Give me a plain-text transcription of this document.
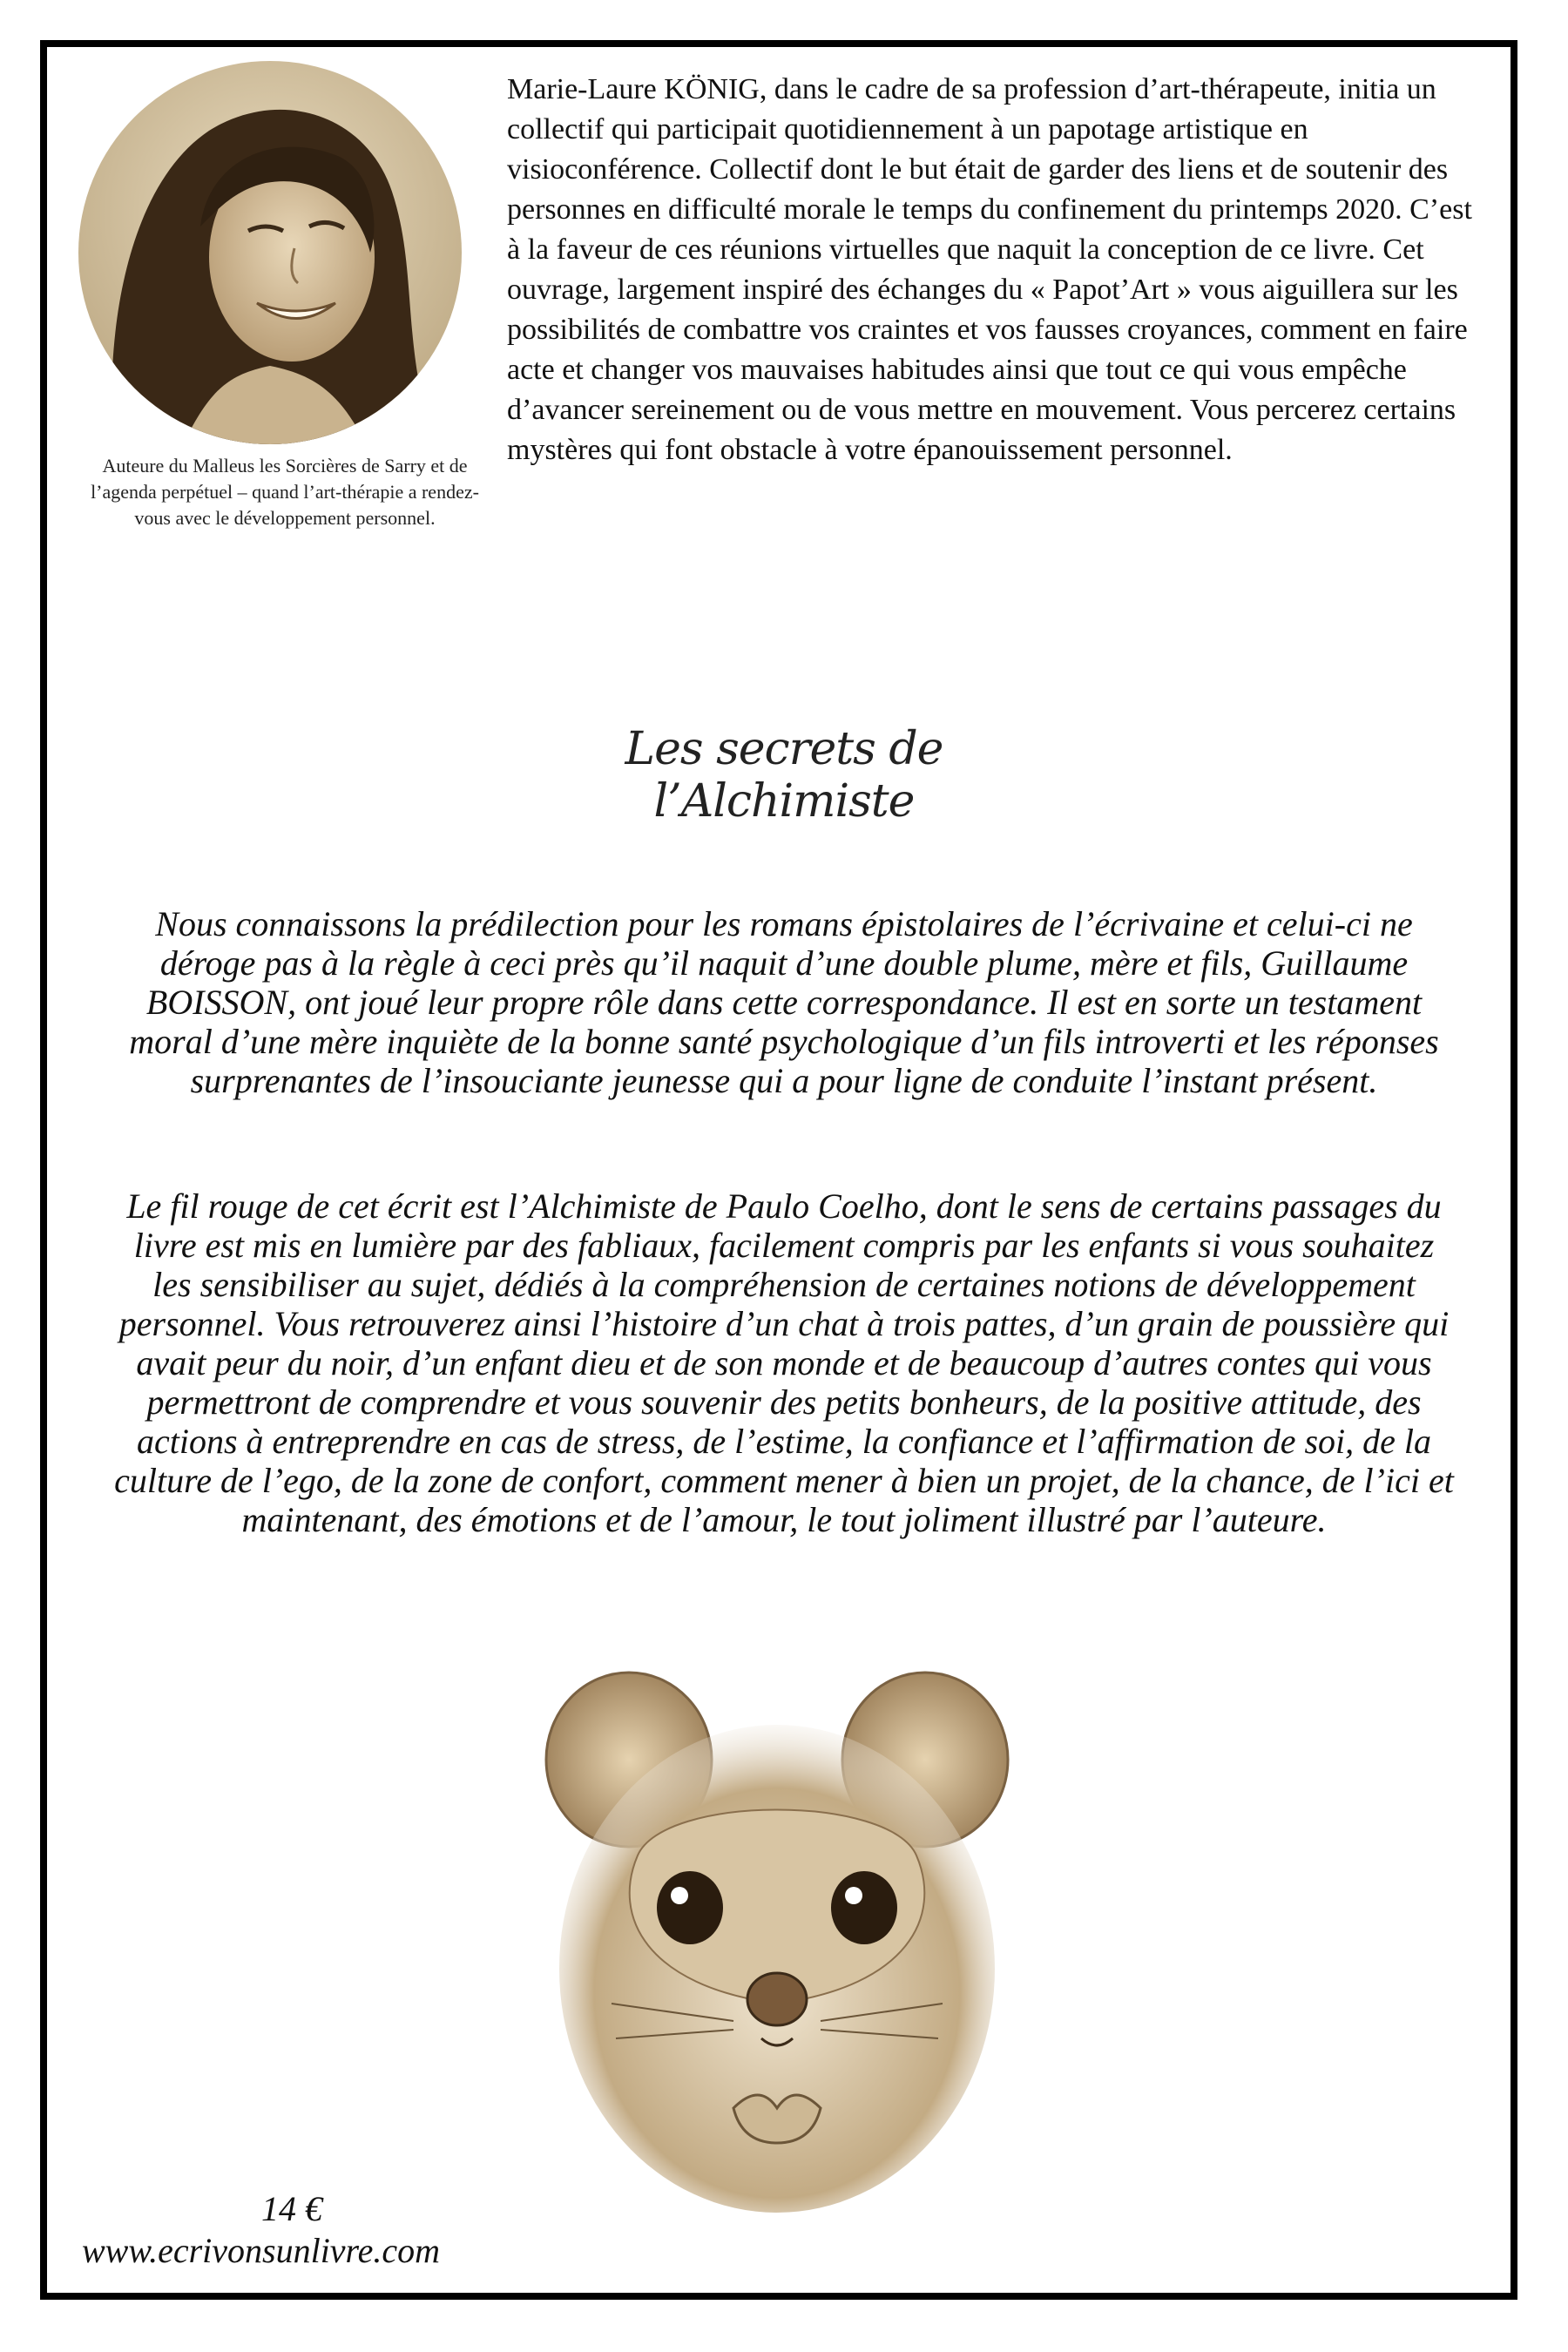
Auteure du Malleus les Sorcières de Sarry et de l’agenda perpétuel – quand l’art-thérapie a rendez-vous avec le développement personnel.
Marie-Laure KÖNIG, dans le cadre de sa profession d’art-thérapeute, initia un collectif qui participait quotidiennement à un papotage artistique en visioconférence. Collectif dont le but était de garder des liens et de soutenir des personnes en difficulté morale le temps du confinement du printemps 2020. C’est à la faveur de ces réunions virtuelles que naquit la conception de ce livre. Cet ouvrage, largement inspiré des échanges du « Papot’Art » vous aiguillera sur les possibilités de combattre vos craintes et vos fausses croyances, comment en faire acte et changer vos mauvaises habitudes ainsi que tout ce qui vous empêche d’avancer sereinement ou de vous mettre en mouvement. Vous percerez certains mystères qui font obstacle à votre épanouissement personnel.
Les secrets de l’Alchimiste
Nous connaissons la prédilection pour les romans épistolaires de l’écrivaine et celui-ci ne déroge pas à la règle à ceci près qu’il naquit d’une double plume, mère et fils, Guillaume BOISSON, ont joué leur propre rôle dans cette correspondance. Il est en sorte un testament moral d’une mère inquiète de la bonne santé psychologique d’un fils introverti et les réponses surprenantes de l’insouciante jeunesse qui a pour ligne de conduite l’instant présent.
Le fil rouge de cet écrit est l’Alchimiste de Paulo Coelho, dont le sens de certains passages du livre est mis en lumière par des fabliaux, facilement compris par les enfants si vous souhaitez les sensibiliser au sujet, dédiés à la compréhension de certaines notions de développement personnel. Vous retrouverez ainsi l’histoire d’un chat à trois pattes, d’un grain de poussière qui avait peur du noir, d’un enfant dieu et de son monde et de beaucoup d’autres contes qui vous permettront de comprendre et vous souvenir des petits bonheurs, de la positive attitude, des actions à entreprendre en cas de stress, de l’estime, la confiance et l’affirmation de soi, de la culture de l’ego, de la zone de confort, comment mener à bien un projet, de la chance, de l’ici et maintenant, des émotions et de l’amour, le tout joliment illustré par l’auteure.
14 €
www.ecrivonsunlivre.com
